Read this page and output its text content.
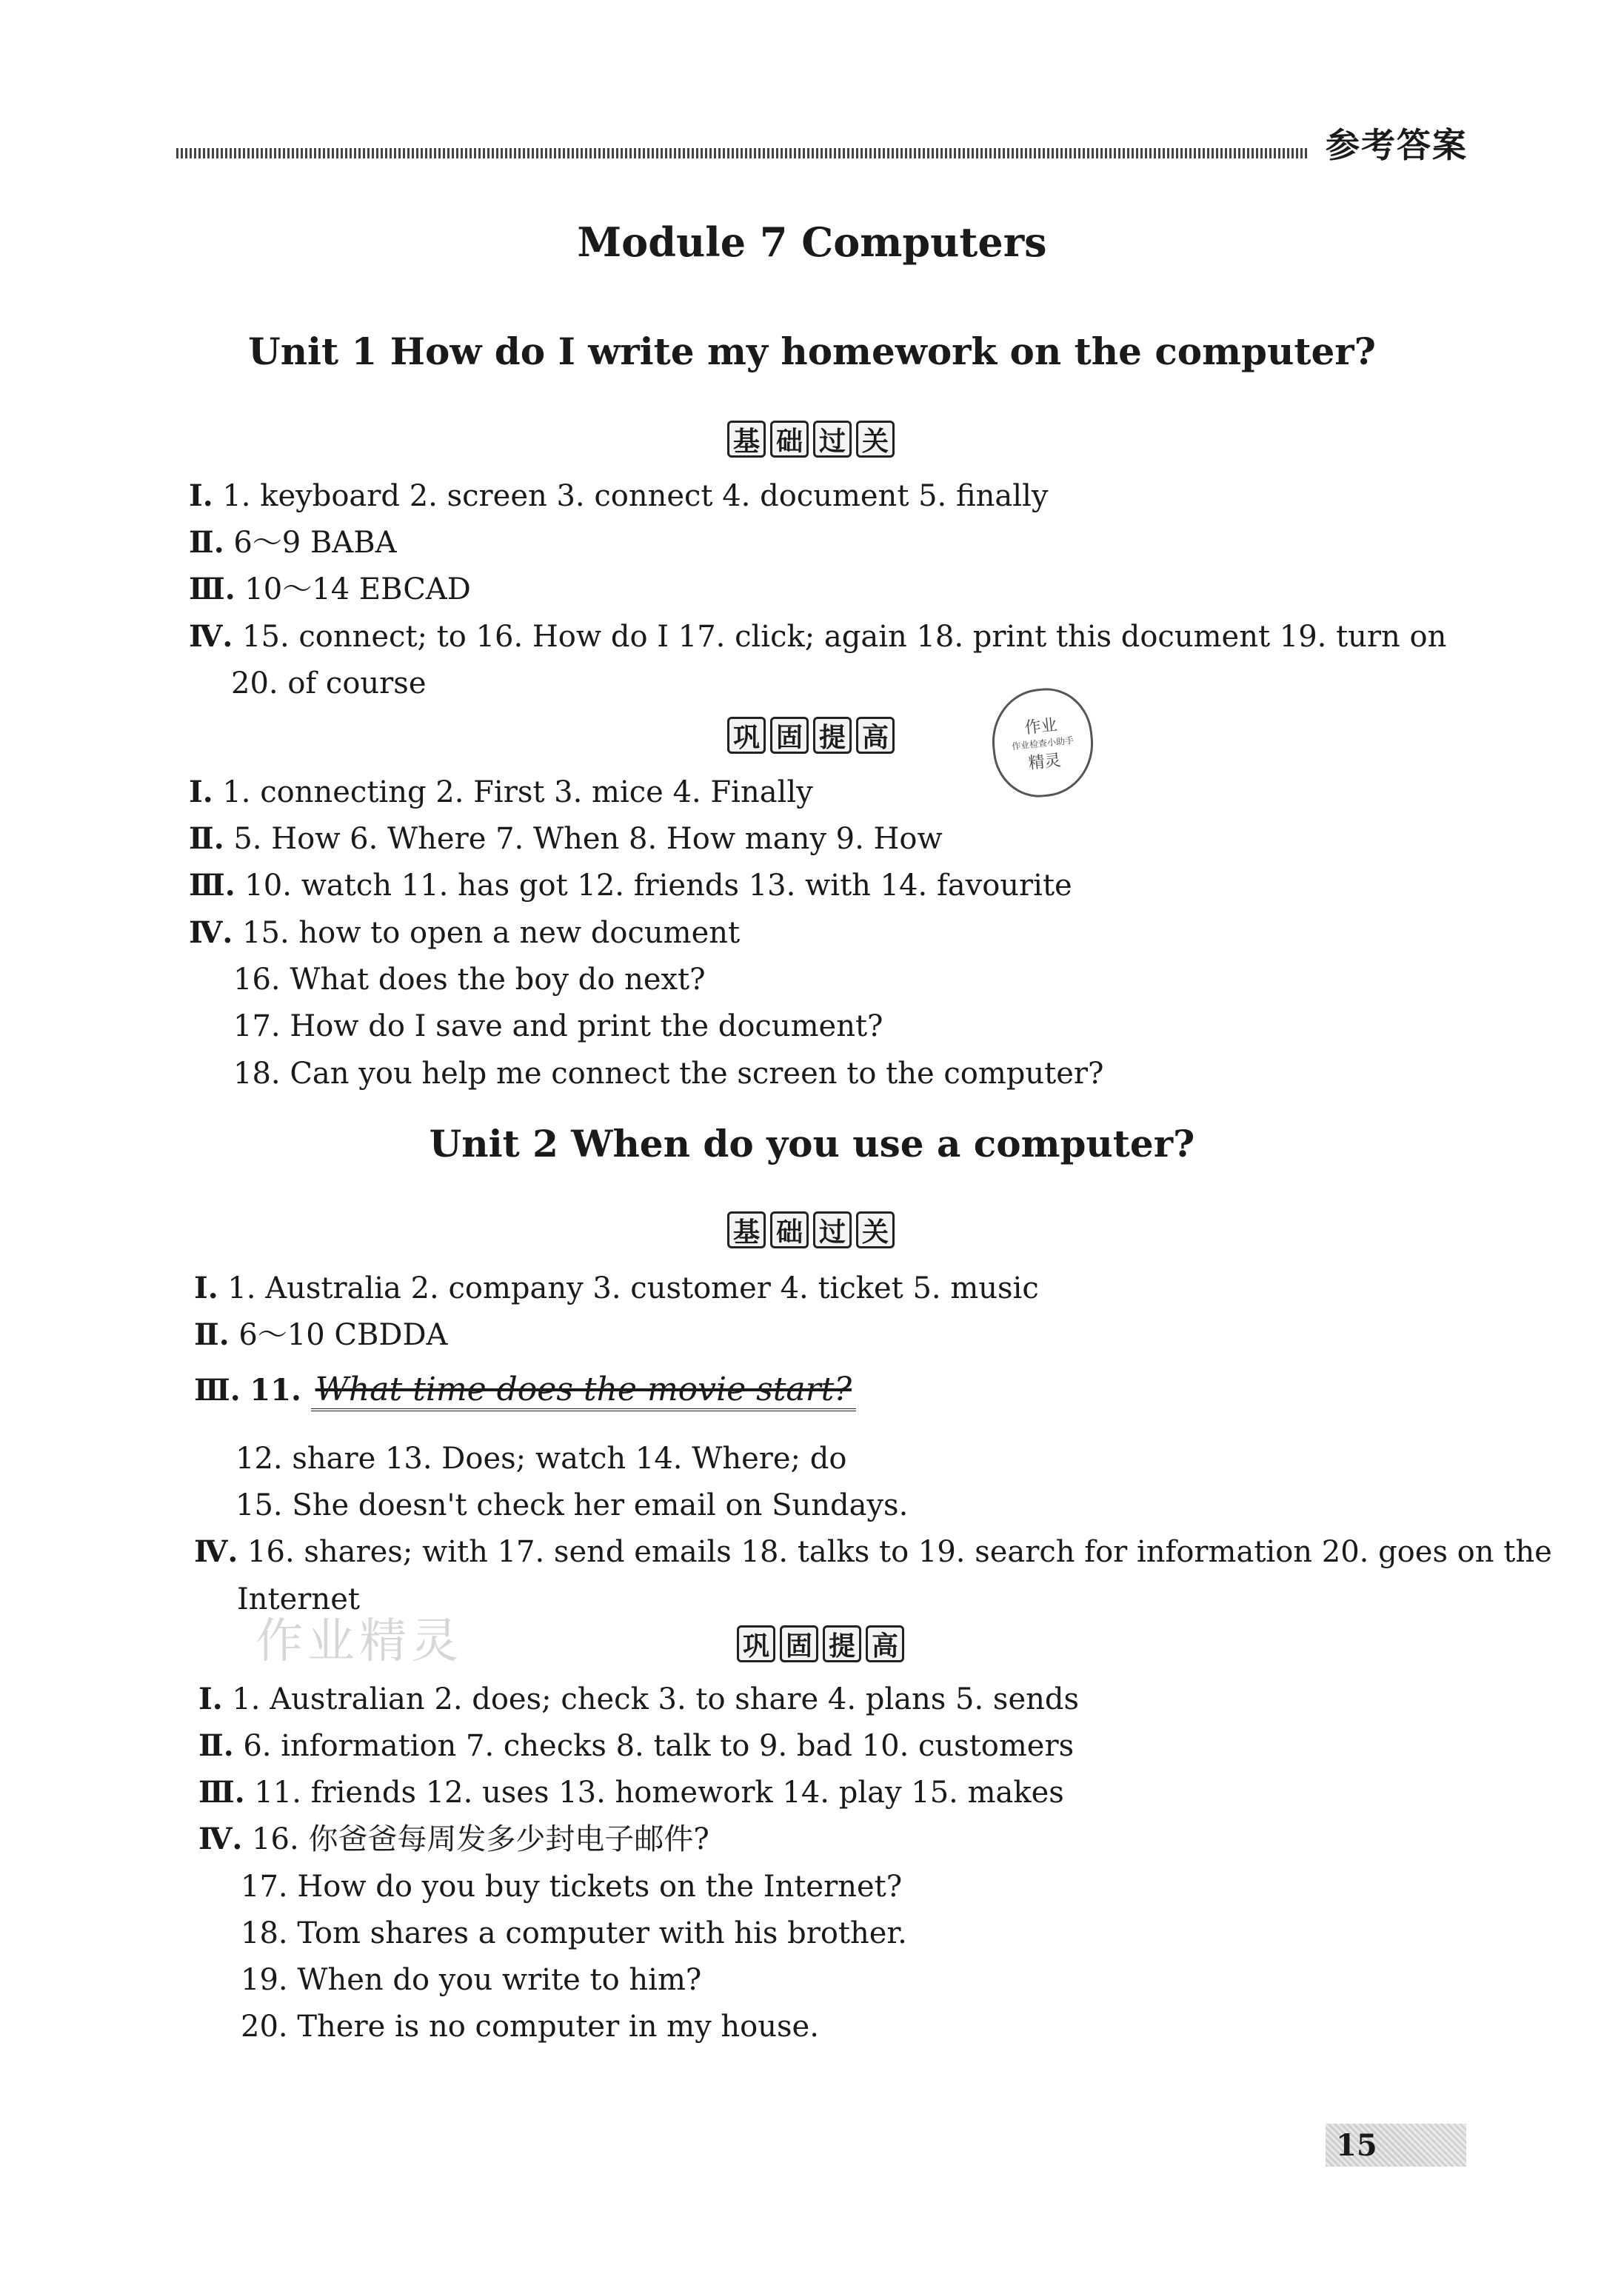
参考答案
Module 7 Computers
Unit 1 How do I write my homework on the computer?
基 础 过 关
Ⅰ. 1. keyboard 2. screen 3. connect 4. document 5. finally
Ⅱ. 6～9 BABA
Ⅲ. 10～14 EBCAD
Ⅳ. 15. connect; to 16. How do I 17. click; again 18. print this document 19. turn on
20. of course
巩 固 提 高	作业
作业检查小助手
精灵
Ⅰ. 1. connecting 2. First 3. mice 4. Finally
Ⅱ. 5. How 6. Where 7. When 8. How many 9. How
Ⅲ. 10. watch 11. has got 12. friends 13. with 14. favourite
Ⅳ. 15. how to open a new document
16. What does the boy do next?
17. How do I save and print the document?
18. Can you help me connect the screen to the computer?
Unit 2 When do you use a computer?
基 础 过 关
Ⅰ. 1. Australia 2. company 3. customer 4. ticket 5. music
Ⅱ. 6～10 CBDDA
Ⅲ. 11. What time does the movie start?
12. share 13. Does; watch 14. Where; do
15. She doesn't check her email on Sundays.
Ⅳ. 16. shares; with 17. send emails 18. talks to 19. search for information 20. goes on the
Internet
作业精灵	巩 固 提 高
Ⅰ. 1. Australian 2. does; check 3. to share 4. plans 5. sends
Ⅱ. 6. information 7. checks 8. talk to 9. bad 10. customers
Ⅲ. 11. friends 12. uses 13. homework 14. play 15. makes
Ⅳ. 16. 你爸爸每周发多少封电子邮件?
17. How do you buy tickets on the Internet?
18. Tom shares a computer with his brother.
19. When do you write to him?
20. There is no computer in my house.
15
